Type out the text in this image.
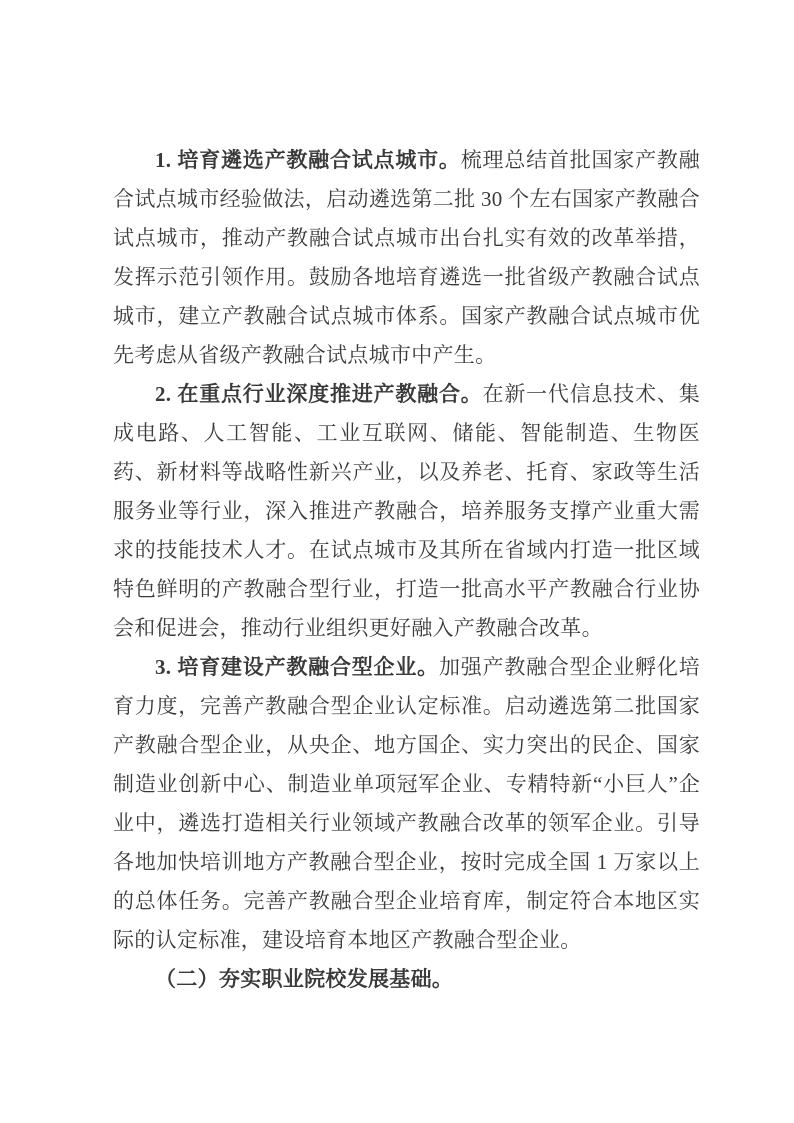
1. 培育遴选产教融合试点城市。梳理总结首批国家产教融合试点城市经验做法，启动遴选第二批 30 个左右国家产教融合试点城市，推动产教融合试点城市出台扎实有效的改革举措，发挥示范引领作用。鼓励各地培育遴选一批省级产教融合试点城市，建立产教融合试点城市体系。国家产教融合试点城市优先考虑从省级产教融合试点城市中产生。

2. 在重点行业深度推进产教融合。在新一代信息技术、集成电路、人工智能、工业互联网、储能、智能制造、生物医药、新材料等战略性新兴产业，以及养老、托育、家政等生活服务业等行业，深入推进产教融合，培养服务支撑产业重大需求的技能技术人才。在试点城市及其所在省域内打造一批区域特色鲜明的产教融合型行业，打造一批高水平产教融合行业协会和促进会，推动行业组织更好融入产教融合改革。

3. 培育建设产教融合型企业。加强产教融合型企业孵化培育力度，完善产教融合型企业认定标准。启动遴选第二批国家产教融合型企业，从央企、地方国企、实力突出的民企、国家制造业创新中心、制造业单项冠军企业、专精特新“小巨人”企业中，遴选打造相关行业领域产教融合改革的领军企业。引导各地加快培训地方产教融合型企业，按时完成全国 1 万家以上的总体任务。完善产教融合型企业培育库，制定符合本地区实际的认定标准，建设培育本地区产教融合型企业。

（二）夯实职业院校发展基础。
